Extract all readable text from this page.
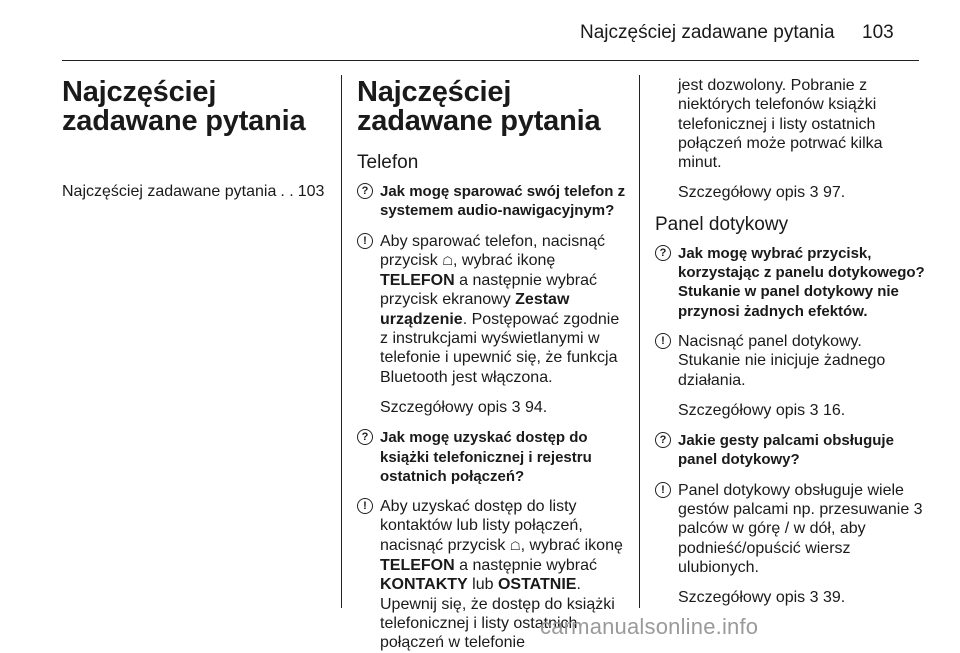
Najczęściej zadawane pytania 103
Najczęściej zadawane pytania
Najczęściej zadawane pytania . . 103
Najczęściej zadawane pytania
Telefon
? Jak mogę sparować swój telefon z systemem audio-nawigacyjnym?
! Aby sparować telefon, nacisnąć przycisk ☖, wybrać ikonę TELEFON a następnie wybrać przycisk ekranowy Zestaw urządzenie. Postępować zgodnie z instrukcjami wyświetlanymi w telefonie i upewnić się, że funkcja Bluetooth jest włączona.
Szczegółowy opis 3 94.
? Jak mogę uzyskać dostęp do książki telefonicznej i rejestru ostatnich połączeń?
! Aby uzyskać dostęp do listy kontaktów lub listy połączeń, nacisnąć przycisk ☖, wybrać ikonę TELEFON a następnie wybrać KONTAKTY lub OSTATNIE. Upewnij się, że dostęp do książki telefonicznej i listy ostatnich połączeń w telefonie
jest dozwolony. Pobranie z niektórych telefonów książki telefonicznej i listy ostatnich połączeń może potrwać kilka minut.
Szczegółowy opis 3 97.
Panel dotykowy
? Jak mogę wybrać przycisk, korzystając z panelu dotykowego? Stukanie w panel dotykowy nie przynosi żadnych efektów.
! Nacisnąć panel dotykowy. Stukanie nie inicjuje żadnego działania.
Szczegółowy opis 3 16.
? Jakie gesty palcami obsługuje panel dotykowy?
! Panel dotykowy obsługuje wiele gestów palcami np. przesuwanie 3 palców w górę / w dół, aby podnieść/opuścić wiersz ulubionych.
Szczegółowy opis 3 39.
carmanualsonline.info
